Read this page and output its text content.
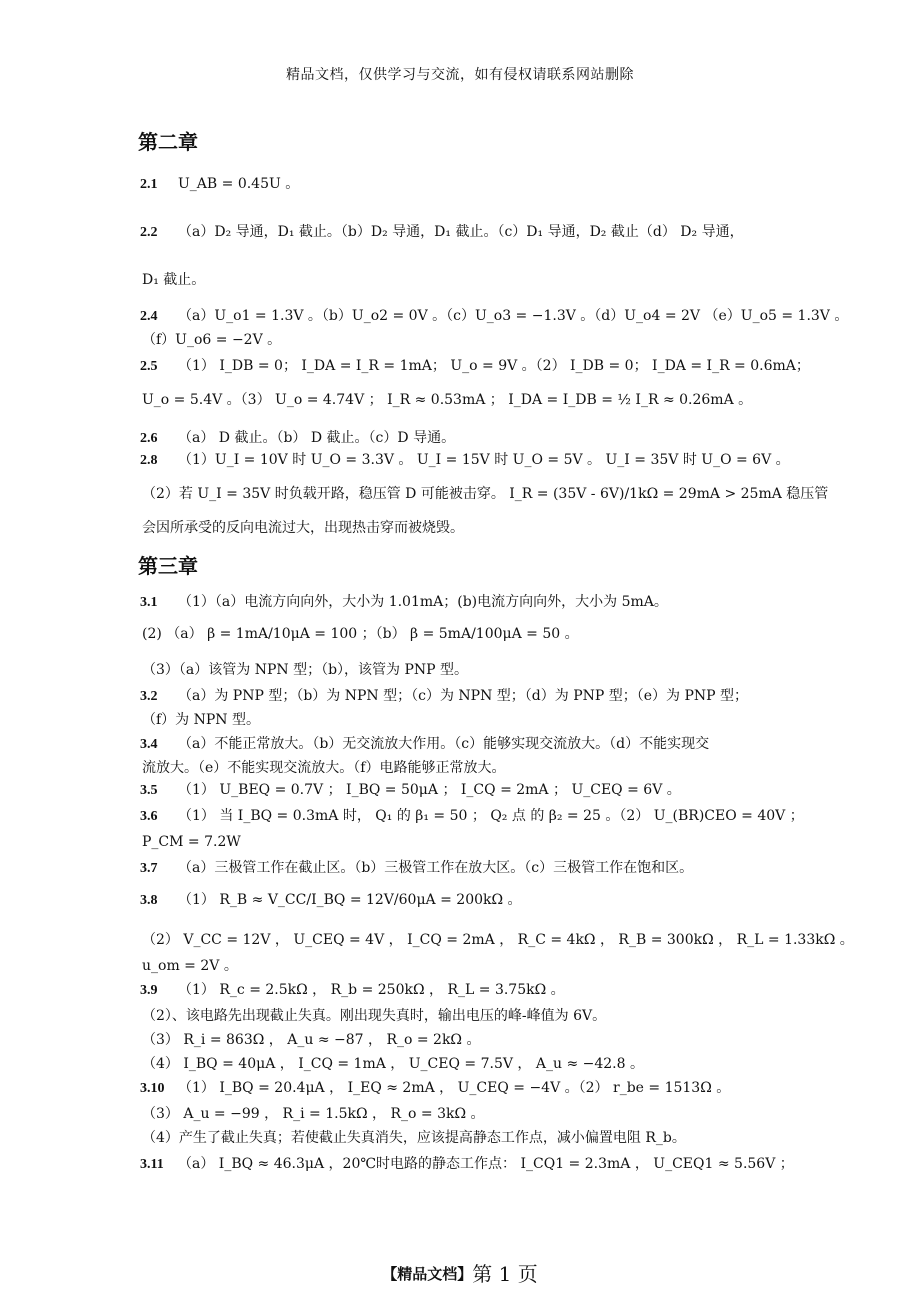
精品文档，仅供学习与交流，如有侵权请联系网站删除
第二章
2.1 U_AB = 0.45U 。
2.2 （a）D₂ 导通，D₁ 截止。（b）D₂ 导通，D₁ 截止。（c）D₁ 导通，D₂ 截止（d） D₂ 导通，
D₁ 截止。
2.4 （a）U_o1 = 1.3V 。（b）U_o2 = 0V 。（c）U_o3 = −1.3V 。（d）U_o4 = 2V （e）U_o5 = 1.3V 。
（f）U_o6 = −2V 。
2.5 （1） I_DB = 0； I_DA = I_R = 1mA； U_o = 9V 。（2） I_DB = 0； I_DA = I_R = 0.6mA；
U_o = 5.4V 。（3） U_o = 4.74V ； I_R ≈ 0.53mA ； I_DA = I_DB = ½ I_R ≈ 0.26mA 。
2.6 （a） D 截止。（b） D 截止。（c）D 导通。
2.8 （1）U_I = 10V 时 U_O = 3.3V 。 U_I = 15V 时 U_O = 5V 。 U_I = 35V 时 U_O = 6V 。
（2）若 U_I = 35V 时负载开路，稳压管 D 可能被击穿。 I_R = (35V - 6V)/1kΩ = 29mA > 25mA 稳压管
会因所承受的反向电流过大，出现热击穿而被烧毁。
第三章
3.1 （1）（a）电流方向向外，大小为 1.01mA；(b)电流方向向外，大小为 5mA。
(2) （a） β = 1mA/10μA = 100 ；（b） β = 5mA/100μA = 50 。
（3）（a）该管为 NPN 型；（b），该管为 PNP 型。
3.2 （a）为 PNP 型；（b）为 NPN 型；（c）为 NPN 型；（d）为 PNP 型；（e）为 PNP 型；
（f）为 NPN 型。
3.4 （a）不能正常放大。（b）无交流放大作用。（c）能够实现交流放大。（d）不能实现交
流放大。（e）不能实现交流放大。（f）电路能够正常放大。
3.5 （1） U_BEQ = 0.7V ； I_BQ = 50μA ； I_CQ = 2mA ； U_CEQ = 6V 。
3.6 （1） 当 I_BQ = 0.3mA 时， Q₁ 的 β₁ = 50 ； Q₂ 点 的 β₂ = 25 。（2） U_(BR)CEO = 40V ；
P_CM = 7.2W
3.7 （a）三极管工作在截止区。（b）三极管工作在放大区。（c）三极管工作在饱和区。
3.8 （1） R_B ≈ V_CC/I_BQ = 12V/60μA = 200kΩ 。
（2） V_CC = 12V ， U_CEQ = 4V ， I_CQ = 2mA ， R_C = 4kΩ ， R_B = 300kΩ ， R_L = 1.33kΩ 。
u_om = 2V 。
3.9 （1） R_c = 2.5kΩ ， R_b = 250kΩ ， R_L = 3.75kΩ 。
（2）、该电路先出现截止失真。刚出现失真时，输出电压的峰-峰值为 6V。
（3） R_i = 863Ω ， A_u ≈ −87 ， R_o = 2kΩ 。
（4） I_BQ = 40μA ， I_CQ = 1mA ， U_CEQ = 7.5V ， A_u ≈ −42.8 。
3.10 （1） I_BQ = 20.4μA ， I_EQ ≈ 2mA ， U_CEQ = −4V 。（2） r_be = 1513Ω 。
（3） A_u = −99 ， R_i = 1.5kΩ ， R_o = 3kΩ 。
（4）产生了截止失真；若使截止失真消失，应该提高静态工作点，减小偏置电阻 R_b。
3.11 （a） I_BQ ≈ 46.3μA ，20℃时电路的静态工作点： I_CQ1 = 2.3mA ， U_CEQ1 ≈ 5.56V ；
【精品文档】第 1 页
